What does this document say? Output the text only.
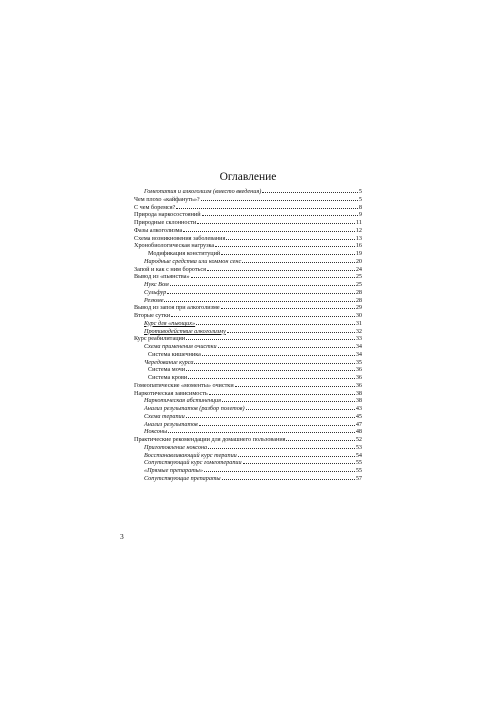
Оглавление
Гомеопатия и алкоголизм (вместо введения)	5
Чем плохо «кайфануть»?	5
С чем боремся?	8
Природа наркосостояний	9
Природные склонности	11
Фазы алкоголизма	12
Схема возникновения заболевания	13
Хронобиологическая нагрузка	16
Модификация конституций	19
Народные средства или коммон сенс	20
Запой и как с ним бороться	24
Вывод из «пьянства»	25
Нукс Вом	25
Сульфур	28
Резюме	28
Вывод из запоя при алкоголизме	29
Вторые сутки	30
Курс для «пьющих»	31
Противодействие алкоголизму	32
Курс реабилитации	33
Схема применения очистки	34
Система кишечника	34
Чередование курса	35
Система мочи	36
Система крови	36
Гомеопатические «моменты» очистки	36
Наркотическая зависимость	38
Наркотическая абстиненция	38
Анализ результатов (разбор полетов)	43
Схема терапии	45
Анализ результатов	47
Ноксоны	48
Практические рекомендации для домашнего пользования	52
Приготовление ноксона	53
Восстанавливающий курс терапии	54
Сопутствующий курс гомеотерапии	55
«Прямые препараты»	55
Сопутствующие препараты	57
3
